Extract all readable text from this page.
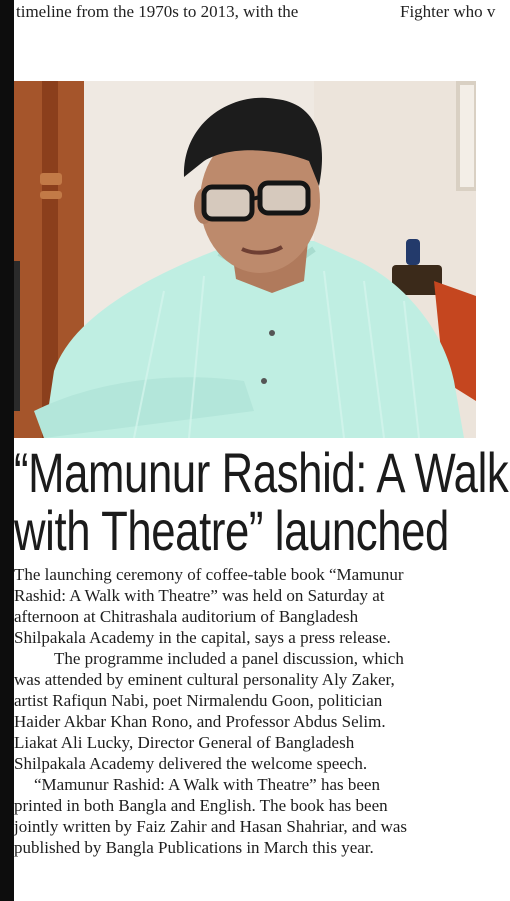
timeline from the 1970s to 2013, with the	Fighter who v
“Mamunur Rashid: A Walk
with Theatre” launched

The launching ceremony of coffee-table book “Mamunur
Rashid: A Walk with Theatre” was held on Saturday at
afternoon at Chitrashala auditorium of Bangladesh
Shilpakala Academy in the capital, says a press release.

The programme included a panel discussion, which
was attended by eminent cultural personality Aly Zaker,
artist Rafiqun Nabi, poet Nirmalendu Goon, politician
Haider Akbar Khan Rono, and Professor Abdus Selim.
Liakat Ali Lucky, Director General of Bangladesh
Shilpakala Academy delivered the welcome speech.

“Mamunur Rashid: A Walk with Theatre” has been
printed in both Bangla and English. The book has been
jointly written by Faiz Zahir and Hasan Shahriar, and was
published by Bangla Publications in March this year.
